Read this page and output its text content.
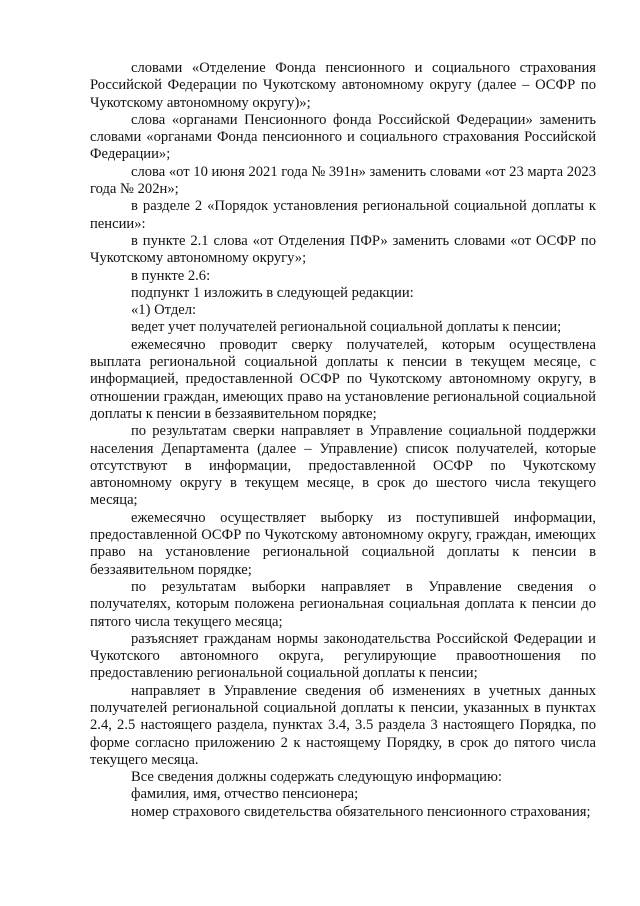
словами «Отделение Фонда пенсионного и социального страхования Российской Федерации по Чукотскому автономному округу (далее – ОСФР по Чукотскому автономному округу)»;

слова «органами Пенсионного фонда Российской Федерации» заменить словами «органами Фонда пенсионного и социального страхования Российской Федерации»;

слова «от 10 июня 2021 года № 391н» заменить словами «от 23 марта 2023 года № 202н»;

в разделе 2 «Порядок установления региональной социальной доплаты к пенсии»:

в пункте 2.1 слова «от Отделения ПФР» заменить словами «от ОСФР по Чукотскому автономному округу»;

в пункте 2.6:

подпункт 1 изложить в следующей редакции:

«1) Отдел:

ведет учет получателей региональной социальной доплаты к пенсии;

ежемесячно проводит сверку получателей, которым осуществлена выплата региональной социальной доплаты к пенсии в текущем месяце, с информацией, предоставленной ОСФР по Чукотскому автономному округу, в отношении граждан, имеющих право на установление региональной социальной доплаты к пенсии в беззаявительном порядке;

по результатам сверки направляет в Управление социальной поддержки населения Департамента (далее – Управление) список получателей, которые отсутствуют в информации, предоставленной ОСФР по Чукотскому автономному округу в текущем месяце, в срок до шестого числа текущего месяца;

ежемесячно осуществляет выборку из поступившей информации, предоставленной ОСФР по Чукотскому автономному округу, граждан, имеющих право на установление региональной социальной доплаты к пенсии в беззаявительном порядке;

по результатам выборки направляет в Управление сведения о получателях, которым положена региональная социальная доплата к пенсии до пятого числа текущего месяца;

разъясняет гражданам нормы законодательства Российской Федерации и Чукотского автономного округа, регулирующие правоотношения по предоставлению региональной социальной доплаты к пенсии;

направляет в Управление сведения об изменениях в учетных данных получателей региональной социальной доплаты к пенсии, указанных в пунктах 2.4, 2.5 настоящего раздела, пунктах 3.4, 3.5 раздела 3 настоящего Порядка, по форме согласно приложению 2 к настоящему Порядку, в срок до пятого числа текущего месяца.

Все сведения должны содержать следующую информацию:

фамилия, имя, отчество пенсионера;

номер страхового свидетельства обязательного пенсионного страхования;
